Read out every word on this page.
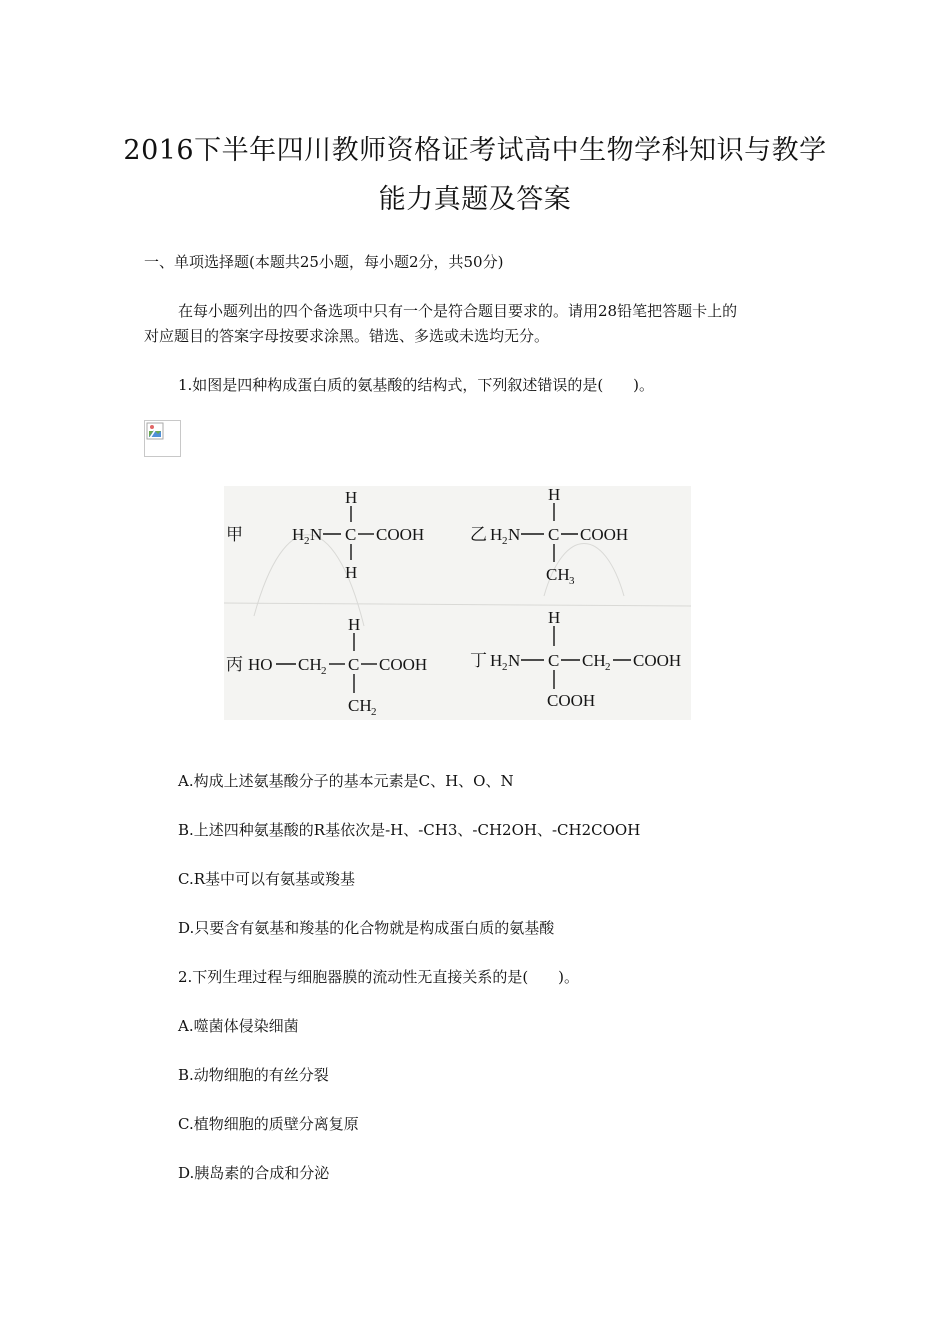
2016下半年四川教师资格证考试高中生物学科知识与教学
能力真题及答案
一、单项选择题(本题共25小题，每小题2分，共50分)
在每小题列出的四个备选项中只有一个是符合题目要求的。请用28铅笔把答题卡上的
对应题目的答案字母按要求涂黑。错选、多选或未选均无分。
1.如图是四种构成蛋白质的氨基酸的结构式，下列叙述错误的是(　　)。
甲
H
H 2 N C COOH
H
乙
H
H 2 N C COOH
CH 3
丙
H
HO CH 2 C COOH
CH 2
丁
H
H 2 N C CH 2 COOH
COOH
A.构成上述氨基酸分子的基本元素是C、H、O、N
B.上述四种氨基酸的R基依次是-H、-CH3、-CH2OH、-CH2COOH
C.R基中可以有氨基或羧基
D.只要含有氨基和羧基的化合物就是构成蛋白质的氨基酸
2.下列生理过程与细胞器膜的流动性无直接关系的是(　　)。
A.噬菌体侵染细菌
B.动物细胞的有丝分裂
C.植物细胞的质壁分离复原
D.胰岛素的合成和分泌
